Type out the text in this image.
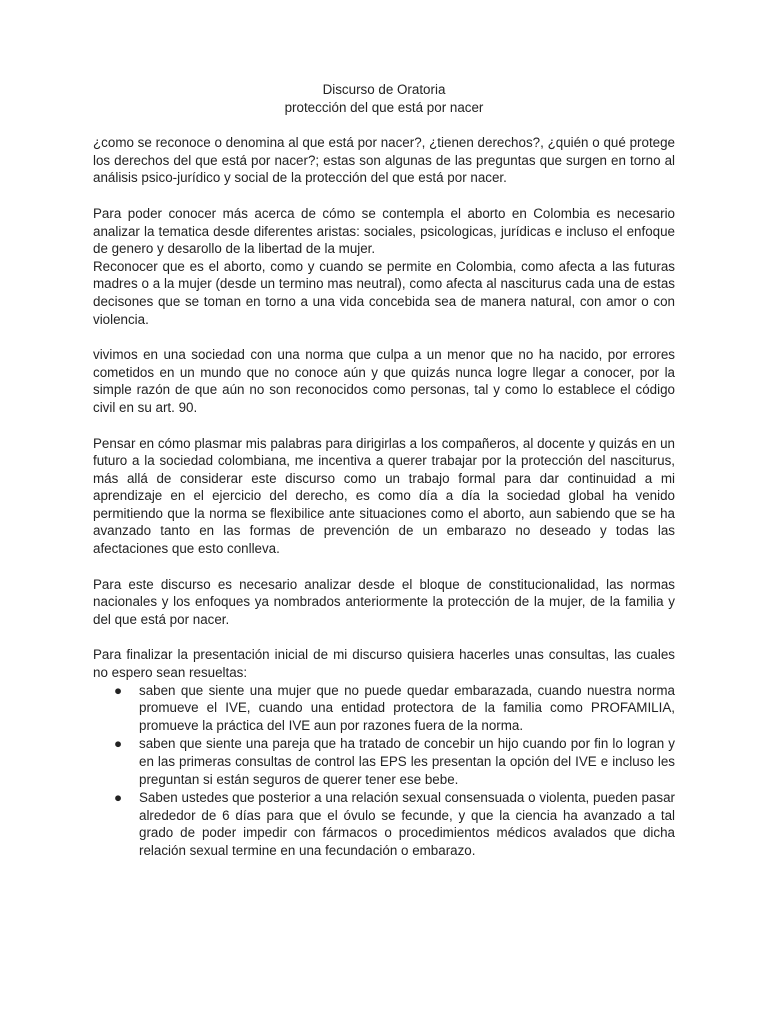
Discurso de Oratoria
protección del que está por nacer

¿como se reconoce o denomina al que está por nacer?, ¿tienen derechos?, ¿quién o qué protege los derechos del que está por nacer?; estas son algunas de las preguntas que surgen en torno al análisis psico-jurídico y social de la protección del que está por nacer.

Para poder conocer más acerca de cómo se contempla el aborto en Colombia es necesario analizar la tematica desde diferentes aristas: sociales, psicologicas, jurídicas e incluso el enfoque de genero y desarollo de la libertad de la mujer.

Reconocer que es el aborto, como y cuando se permite en Colombia, como afecta a las futuras madres o a la mujer (desde un termino mas neutral), como afecta al nasciturus cada una de estas decisones que se toman en torno a una vida concebida sea de manera natural, con amor o con violencia.

vivimos en una sociedad con una norma que culpa a un menor que no ha nacido, por errores cometidos en un mundo que no conoce aún y que quizás nunca logre llegar a conocer, por la simple razón de que aún no son reconocidos como personas, tal y como lo establece el código civil en su art. 90.

Pensar en cómo plasmar mis palabras para dirigirlas a los compañeros, al docente y quizás en un futuro a la sociedad colombiana, me incentiva a querer trabajar por la protección del nasciturus, más allá de considerar este discurso como un trabajo formal para dar continuidad a mi aprendizaje en el ejercicio del derecho, es como día a día la sociedad global ha venido permitiendo que la norma se flexibilice ante situaciones como el aborto, aun sabiendo que se ha avanzado tanto en las formas de prevención de un embarazo no deseado y todas las afectaciones que esto conlleva.

Para este discurso es necesario analizar desde el bloque de constitucionalidad, las normas nacionales y los enfoques ya nombrados anteriormente la protección de la mujer, de la familia y del que está por nacer.

Para finalizar la presentación inicial de mi discurso quisiera hacerles unas consultas, las cuales no espero sean resueltas:

● saben que siente una mujer que no puede quedar embarazada, cuando nuestra norma promueve el IVE, cuando una entidad protectora de la familia como PROFAMILIA, promueve la práctica del IVE aun por razones fuera de la norma.
● saben que siente una pareja que ha tratado de concebir un hijo cuando por fin lo logran y en las primeras consultas de control las EPS les presentan la opción del IVE e incluso les preguntan si están seguros de querer tener ese bebe.
● Saben ustedes que posterior a una relación sexual consensuada o violenta, pueden pasar alrededor de 6 días para que el óvulo se fecunde, y que la ciencia ha avanzado a tal grado de poder impedir con fármacos o procedimientos médicos avalados que dicha relación sexual termine en una fecundación o embarazo.
